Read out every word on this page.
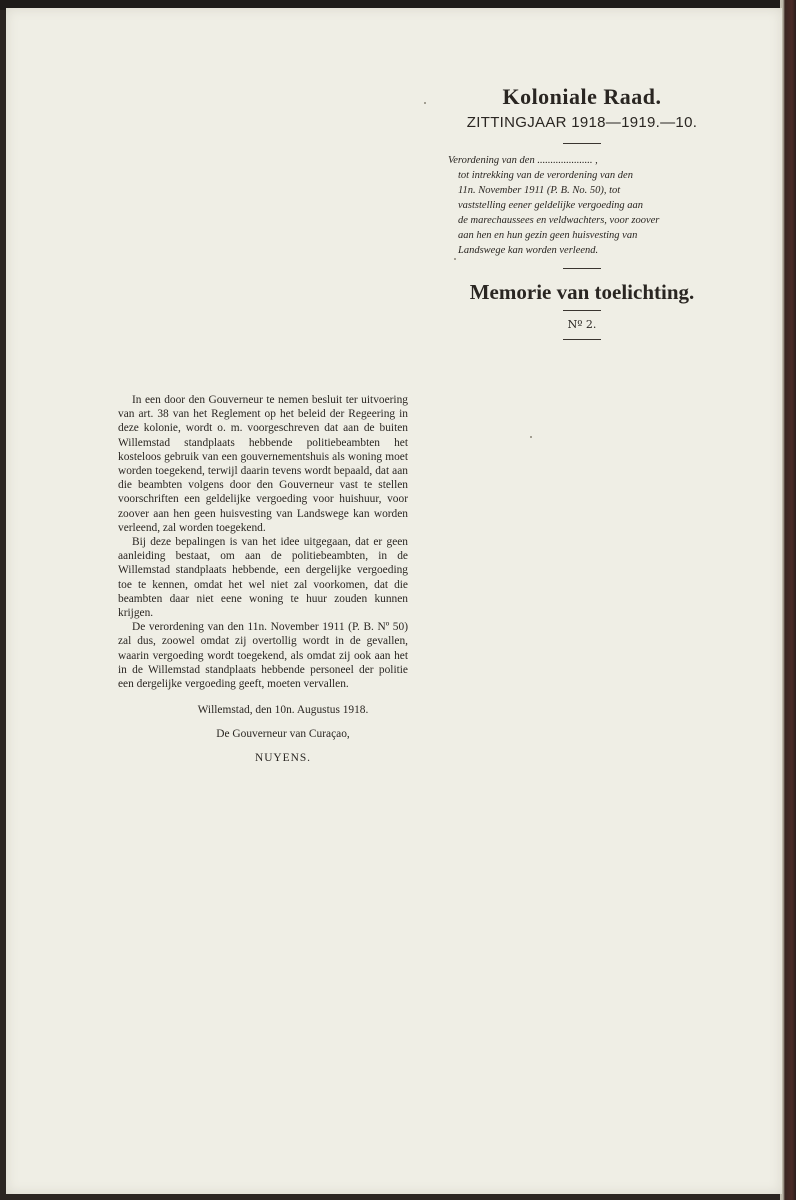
Koloniale Raad.

ZITTINGJAAR 1918—1919.—10.

Verordening van den ..................... ,

tot intrekking van de verordening van den

11n. November 1911 (P. B. No. 50), tot

vaststelling eener geldelijke vergoeding aan

de marechaussees en veldwachters, voor zoover

aan hen en hun gezin geen huisvesting van

Landswege kan worden verleend.

Memorie van toelichting.

Nº 2.

In een door den Gouverneur te nemen besluit ter uitvoering van art. 38 van het Reglement op het beleid der Regeering in deze kolonie, wordt o. m. voorgeschreven dat aan de buiten Willemstad standplaats hebbende politiebeambten het kosteloos gebruik van een gouvernementshuis als woning moet worden toegekend, terwijl daarin tevens wordt bepaald, dat aan die beambten volgens door den Gouverneur vast te stellen voorschriften een geldelijke vergoeding voor huishuur, voor zoover aan hen geen huisvesting van Landswege kan worden verleend, zal worden toegekend.

Bij deze bepalingen is van het idee uitgegaan, dat er geen aanleiding bestaat, om aan de politiebeambten, in de Willemstad standplaats hebbende, een dergelijke vergoeding toe te kennen, omdat het wel niet zal voorkomen, dat die beambten daar niet eene woning te huur zouden kunnen krijgen.

De verordening van den 11n. November 1911 (P. B. Nº 50) zal dus, zoowel omdat zij overtollig wordt in de gevallen, waarin vergoeding wordt toegekend, als omdat zij ook aan het in de Willemstad standplaats hebbende personeel der politie een dergelijke vergoeding geeft, moeten vervallen.

Willemstad, den 10n. Augustus 1918.

De Gouverneur van Curaçao,

NUYENS.
